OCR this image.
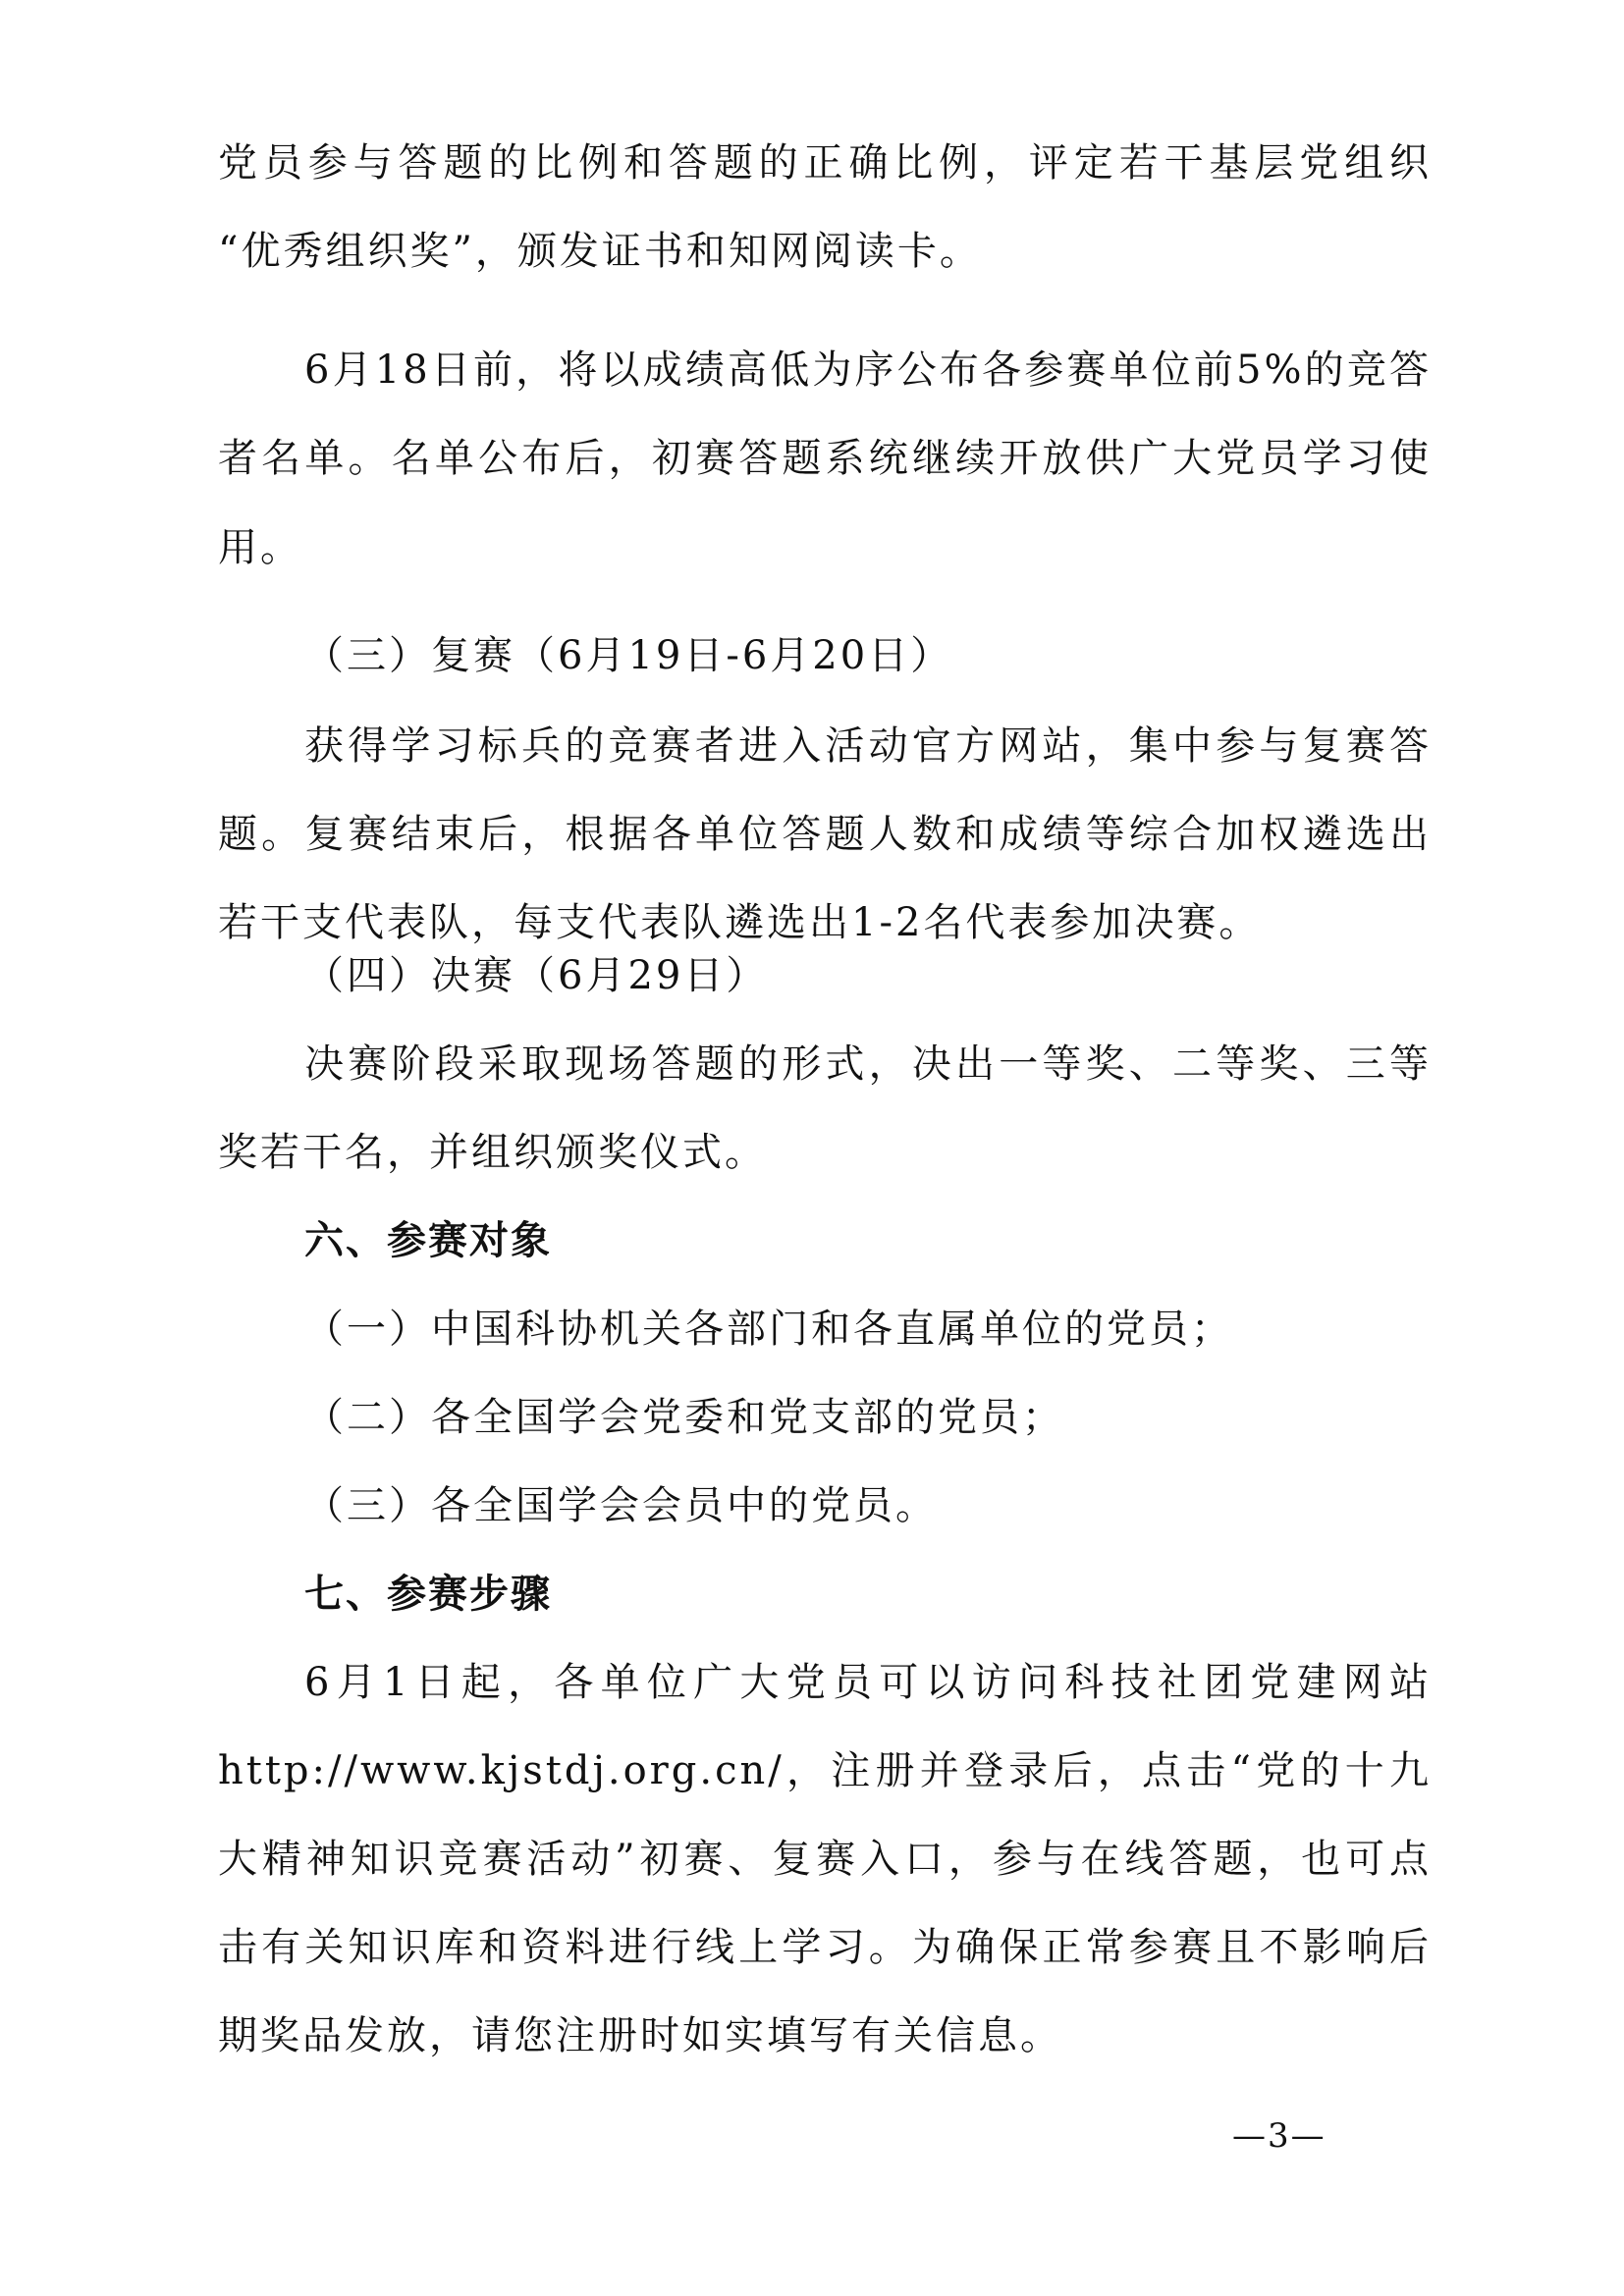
党员参与答题的比例和答题的正确比例，评定若干基层党组织
“优秀组织奖”，颁发证书和知网阅读卡。
6月18日前，将以成绩高低为序公布各参赛单位前5%的竞答
者名单。名单公布后，初赛答题系统继续开放供广大党员学习使
用。
（三）复赛（6月19日-6月20日）
获得学习标兵的竞赛者进入活动官方网站，集中参与复赛答
题。复赛结束后，根据各单位答题人数和成绩等综合加权遴选出
若干支代表队，每支代表队遴选出1-2名代表参加决赛。
（四）决赛（6月29日）
决赛阶段采取现场答题的形式，决出一等奖、二等奖、三等
奖若干名，并组织颁奖仪式。
六、参赛对象
（一）中国科协机关各部门和各直属单位的党员；
（二）各全国学会党委和党支部的党员；
（三）各全国学会会员中的党员。
七、参赛步骤
6月1日起，各单位广大党员可以访问科技社团党建网站
http://www.kjstdj.org.cn/，注册并登录后，点击“党的十九
大精神知识竞赛活动”初赛、复赛入口，参与在线答题，也可点
击有关知识库和资料进行线上学习。为确保正常参赛且不影响后
期奖品发放，请您注册时如实填写有关信息。
—3—
